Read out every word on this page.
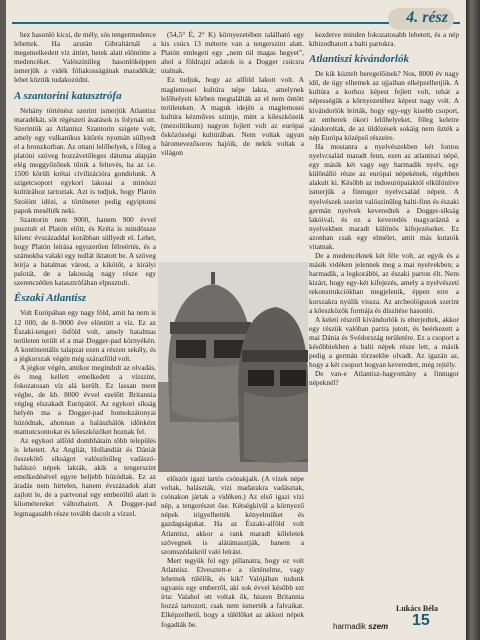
4. rész

hez hasonló kicsi, de mély, sós tengermedence lehettek. Ha azután Gibraltárnál a megemelkedett víz áttört, hetek alatt elöntötte a medencéket. Valószínűleg hasonlóképpen ismerjük a vidék fóliakosságának maradékát; lehet köztük tudakozódni.

A szantorini katasztrófa

Nehány történész szerint ismerjük Atlantisz maradékát, sőt régészeti ásatások is folynak ott. Szerintük az Atlantisz Szantorin szigete volt, amely egy vulkanikus kitörés nyomán süllyedt el a bronzkorban. Az ottani lelőhelyek, s főleg a platóni szöveg hozzávetőleges dátuma alapján elég meggyőzőnek tűnik a feltevés, ha az i.e. 1500 körüli krétai civilizációra gondolunk. A szigetcsoport egykori lakosai a minószi kultúrához tartoztak. Azt is tudjuk, hogy Platón Szolónt idézi, a történetet pedig egyiptomi papok mesélték neki.

Szantorin nem 9000, hanem 900 évvel pusztult el Platón előtt, és Kréta is mindössze kilenc évszázaddal korábban süllyedt el. Lehet, hogy Platón leírása egyszerűen félreértés, és a számokba valaki egy nullát iktatott be. A szöveg leírja a hatalmas várost, a kikötőt, a királyi palotát, de a lakosság nagy része egy szerencsétlen katasztrófában elpusztult.

Északi Atlantisz

Volt Európában egy nagy föld, amit ha nem is 12 000, de 8–9000 éve elöntött a víz. Ez az Északi-tengeri ősföld volt, amely hatalmas területen terült el a mai Dogger-pad környékén. A kontinentális talapzat ezen a részen sekély, és a jégkorszak végén még szárazföld volt.

A jégkor végén, amikor megindult az olvadás, és meg kellett emelkedett a vízszint, fokozatosan víz alá került. Ez lassan ment végbe, de kb. 8000 évvel ezelőtt Britannia végleg elszakadt Európától. Az egykori síkság helyén ma a Dogger-pad homokzátonyai húzódnak, ahonnan a halászhálók időnként mamutcsontokat és kőeszközöket hoznak fel.

Az egykori alföld dombhátain több település is lehetett. Az Angliát, Hollandiát és Dániát összekötő síkságot valószínűleg vadászó-halászó népek lakták, akik a tengerszint emelkedésével egyre beljebb húzódtak. Ez az áradás nem hirtelen, hanem évszázadok alatt zajlott le, de a partvonal egy emberöltő alatt is kilométereket változhatott. A Dogger-pad legmagasabb része tovább dacolt a vízzel.

(54,5° É, 2° K) környezetében található egy kis csúcs 13 méterre van a tengerszint alatt. Platón emlegeti egy „nem túl magas hegyet”, ahol a földrajzi adatok is a Dogger csúcsra utalnak.

Ez tudjuk, hogy az alföld lakott volt. A maglemosei kultúra népe lakta, amelynek lelőhelyeit körben megtalálták az el nem öntött területeken. A maguk idején a maglemosei kultúra kézműves szintje, mint a kőeszközeik (mezolitikum) nagyon fejlett volt az európai ősközösségi kultúrában. Nem voltak ugyan háromevezősoros hajóik, de nekik voltak a világon

először igazi tartós csónakjaik. (A vízek népe voltak, halászták, vizi madarakra vadásztak, csónakon jártak a vidéken.) Az első igazi vízi nép, a tengerészet őse. Kétségkívül a környező népek irigyelhették kényelmüket és gazdagságukat. Ha az Északi-alföld volt Atlantisz, akkor a rank maradt kőleletek szövegnek is alátámasztják, hanem a szomszédaikról való leírást.

Mert tegyük fel egy pillanatra, hogy ez volt Atlantisz. Elvesztett-e a történelme, vagy lehetnek túlélők, és kik? Valójában tudunk ugyanis egy emberről, aki sok évvel később ezt írta: Valahol ott voltak ők, hiszen Britannia hozzá tartozott, csak nem ismerték a falvaikat. Elképzelhető, hogy a túlélőket az akkori népek fogadták be.

kezdetve minden fokozatosabb lehetett, és a nép kibizodhatott a balti partokra.

Atlantiszi kivándorlók

De kik kiiztelt beregelőinek? Nos, 8000 év nagy idő, de úgy elhetnek az ujjaiban elképzelhetjük. A kultúra a korhoz képest fejlett volt, tehát a népességük a környezetéhez képest nagy volt. A kivándorlók leírták, hogy egy-egy kisebb csoport, az emberek ókori lelőhelyeket, főleg keletre vándoroltak, de az üldözések sokáig nem űzték a nép Európa középső részeire.

Ha mostanra a nyelvészekben két fontos nyelvcsalád maradt fenn, ezen az atlantiszi népé, egy másik két vagy egy harmadik nyelv, egy különálló része az európai népekének, régebben alakult ki. Később az indoeurópaiaktól elkülönítve ismerjük a finnugor nyelvcsalád népeit. A nyelvészek szerint valószínűleg balti-finn és északi germán nyelvek keveredtek a Dogger-síkság lakóival, és ez a keveredés magyarázná a nyelvekben maradt különös kifejezéseket. Ez azonban csak egy elmélet, amit más kutatók vitatnak.

De a medencéknek két féle volt, az egyik és a másik vidéken jelennek meg a mai nyelvekben; a harmadik, a legkorábbi, az északi parton élt. Nem kizárt, hogy egy-két kifejezés, amely a nyelvészeti rekonstrukciókban megjelenik, éppen erre a korszakra nyúlik vissza. Az archeológusok szerint a kőeszközök formája és díszítése hasonló.

A keleti részről kivándorlók is elterjedtek, akkor egy részük valóban partra jutott, és beérkezett a mai Dánia és Svédország területére. Ez a csoport a későbbiekben a balti népek része lett, a másik pedig a germán törzsekbe olvadt. Az igazán az, hogy a két csoport hogyan keveredett, még rejtély.

De van-e Atlantisz-hagyomány a finnugor népeknél?

Lukács Béla
harmadik szem 15
